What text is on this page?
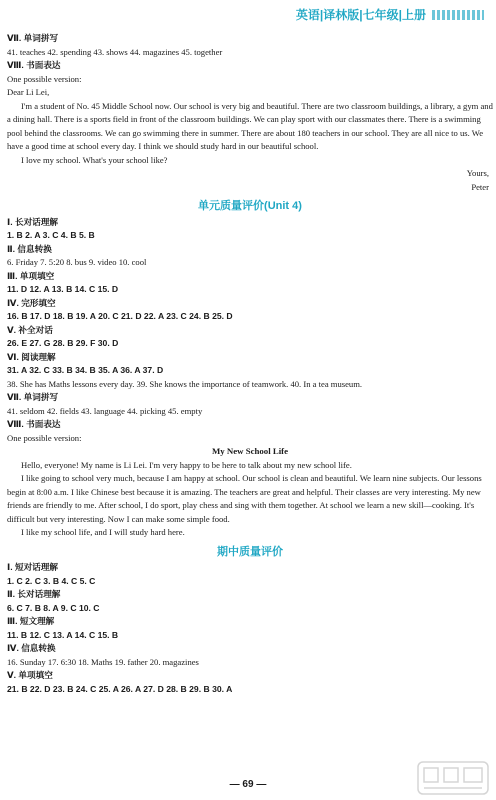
英语|译林版|七年级|上册
Ⅶ. 单词拼写
41. teaches 42. spending 43. shows 44. magazines 45. together
Ⅷ. 书面表达
One possible version:
Dear Li Lei,
I'm a student of No. 45 Middle School now. Our school is very big and beautiful. There are two classroom buildings, a library, a gym and a dining hall. There is a sports field in front of the classroom buildings. We can play sport with our classmates there. There is a swimming pool behind the classrooms. We can go swimming there in summer. There are about 180 teachers in our school. They are all nice to us. We have a good time at school every day. I think we should study hard in our beautiful school.
I love my school. What's your school like?
Yours,
Peter
单元质量评价(Unit 4)
Ⅰ. 长对话理解
1. B 2. A 3. C 4. B 5. B
Ⅱ. 信息转换
6. Friday 7. 5:20 8. bus 9. video 10. cool
Ⅲ. 单项填空
11. D 12. A 13. B 14. C 15. D
Ⅳ. 完形填空
16. B 17. D 18. B 19. A 20. C 21. D 22. A 23. C 24. B 25. D
Ⅴ. 补全对话
26. E 27. G 28. B 29. F 30. D
Ⅵ. 阅读理解
31. A 32. C 33. B 34. B 35. A 36. A 37. D
38. She has Maths lessons every day. 39. She knows the importance of teamwork. 40. In a tea museum.
Ⅶ. 单词拼写
41. seldom 42. fields 43. language 44. picking 45. empty
Ⅷ. 书面表达
One possible version:
My New School Life
Hello, everyone! My name is Li Lei. I'm very happy to be here to talk about my new school life.
I like going to school very much, because I am happy at school. Our school is clean and beautiful. We learn nine subjects. Our lessons begin at 8:00 a.m. I like Chinese best because it is amazing. The teachers are great and helpful. Their classes are very interesting. My new friends are friendly to me. After school, I do sport, play chess and sing with them together. At school we learn a new skill—cooking. It's difficult but very interesting. Now I can make some simple food.
I like my school life, and I will study hard here.
期中质量评价
Ⅰ. 短对话理解
1. C 2. C 3. B 4. C 5. C
Ⅱ. 长对话理解
6. C 7. B 8. A 9. C 10. C
Ⅲ. 短文理解
11. B 12. C 13. A 14. C 15. B
Ⅳ. 信息转换
16. Sunday 17. 6:30 18. Maths 19. father 20. magazines
Ⅴ. 单项填空
21. B 22. D 23. B 24. C 25. A 26. A 27. D 28. B 29. B 30. A
— 69 —
